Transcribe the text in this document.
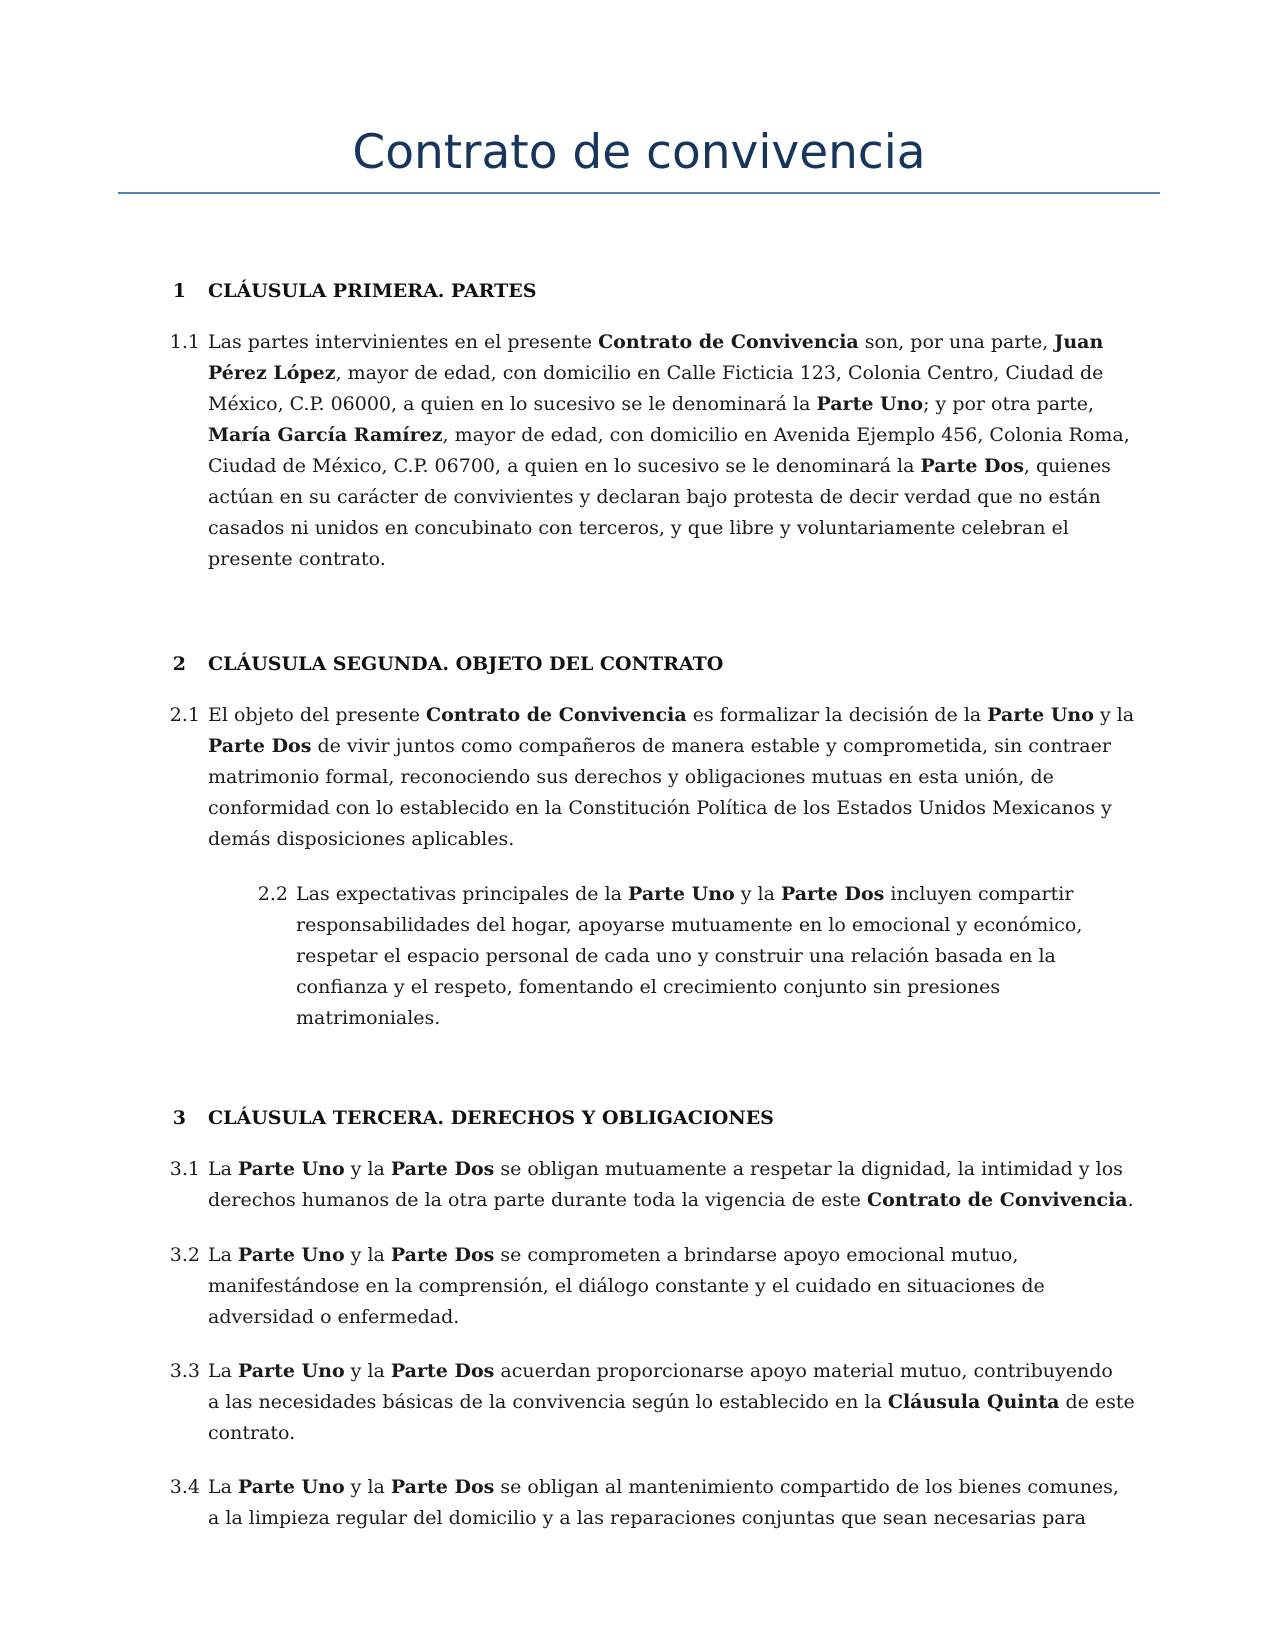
Contrato de convivencia
1 CLÁUSULA PRIMERA. PARTES
1.1 Las partes intervinientes en el presente Contrato de Convivencia son, por una parte, Juan
Pérez López, mayor de edad, con domicilio en Calle Ficticia 123, Colonia Centro, Ciudad de
México, C.P. 06000, a quien en lo sucesivo se le denominará la Parte Uno; y por otra parte,
María García Ramírez, mayor de edad, con domicilio en Avenida Ejemplo 456, Colonia Roma,
Ciudad de México, C.P. 06700, a quien en lo sucesivo se le denominará la Parte Dos, quienes
actúan en su carácter de convivientes y declaran bajo protesta de decir verdad que no están
casados ni unidos en concubinato con terceros, y que libre y voluntariamente celebran el
presente contrato.
2 CLÁUSULA SEGUNDA. OBJETO DEL CONTRATO
2.1 El objeto del presente Contrato de Convivencia es formalizar la decisión de la Parte Uno y la
Parte Dos de vivir juntos como compañeros de manera estable y comprometida, sin contraer
matrimonio formal, reconociendo sus derechos y obligaciones mutuas en esta unión, de
conformidad con lo establecido en la Constitución Política de los Estados Unidos Mexicanos y
demás disposiciones aplicables.
2.2 Las expectativas principales de la Parte Uno y la Parte Dos incluyen compartir
responsabilidades del hogar, apoyarse mutuamente en lo emocional y económico,
respetar el espacio personal de cada uno y construir una relación basada en la
confianza y el respeto, fomentando el crecimiento conjunto sin presiones
matrimoniales.
3 CLÁUSULA TERCERA. DERECHOS Y OBLIGACIONES
3.1 La Parte Uno y la Parte Dos se obligan mutuamente a respetar la dignidad, la intimidad y los
derechos humanos de la otra parte durante toda la vigencia de este Contrato de Convivencia.
3.2 La Parte Uno y la Parte Dos se comprometen a brindarse apoyo emocional mutuo,
manifestándose en la comprensión, el diálogo constante y el cuidado en situaciones de
adversidad o enfermedad.
3.3 La Parte Uno y la Parte Dos acuerdan proporcionarse apoyo material mutuo, contribuyendo
a las necesidades básicas de la convivencia según lo establecido en la Cláusula Quinta de este
contrato.
3.4 La Parte Uno y la Parte Dos se obligan al mantenimiento compartido de los bienes comunes,
a la limpieza regular del domicilio y a las reparaciones conjuntas que sean necesarias para
